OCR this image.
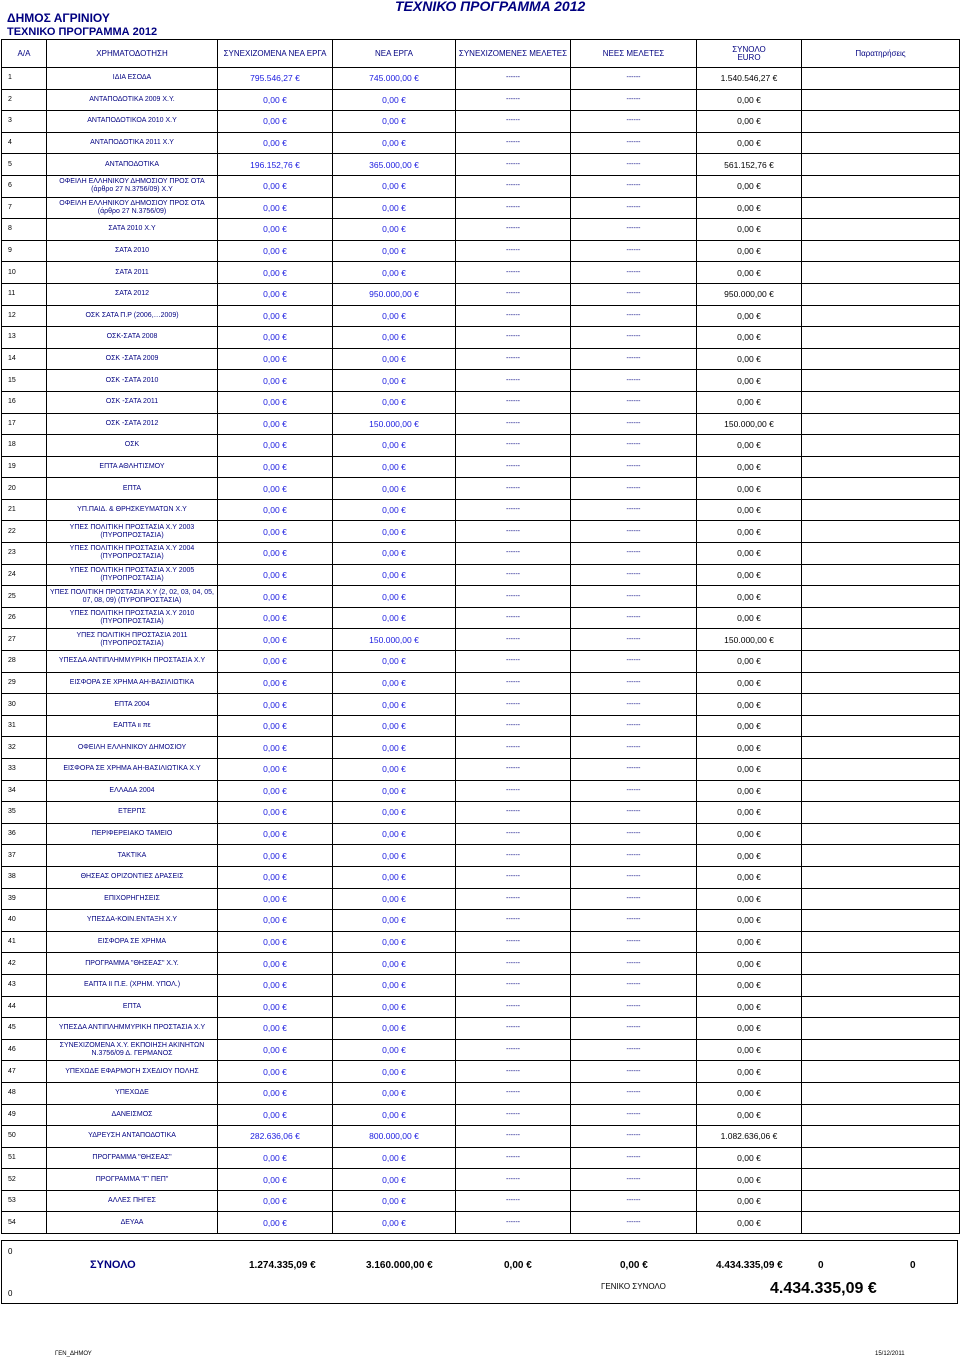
ΔΗΜΟΣ ΑΓΡΙΝΙΟΥ
ΤΕΧΝΙΚΟ ΠΡΟΓΡΑΜΜΑ 2012
ΤΕΧΝΙΚΟ ΠΡΟΓΡΑΜΜΑ 2012
Α/Α	ΧΡΗΜΑΤΟΔΟΤΗΣΗ	ΣΥΝΕΧΙΖΟΜΕΝΑ ΝΕΑ ΕΡΓΑ	ΝΕΑ ΕΡΓΑ	ΣΥΝΕΧΙΖΟΜΕΝΕΣ ΜΕΛΕΤΕΣ	ΝΕΕΣ ΜΕΛΕΤΕΣ	ΣΥΝΟΛΟ
EURO	Παρατηρήσεις
1	ΙΔΙΑ ΕΣΟΔΑ	795.546,27 €	745.000,00 €	------	------	1.540.546,27 €	
2	ΑΝΤΑΠΟΔΟΤΙΚΑ 2009 Χ.Υ.	0,00 €	0,00 €	------	------	0,00 €	
3	ΑΝΤΑΠΟΔΟΤΙΚΟΑ 2010 Χ.Υ	0,00 €	0,00 €	------	------	0,00 €	
4	ΑΝΤΑΠΟΔΟΤΙΚΑ 2011 Χ.Υ	0,00 €	0,00 €	------	------	0,00 €	
5	ΑΝΤΑΠΟΔΟΤΙΚΑ	196.152,76 €	365.000,00 €	------	------	561.152,76 €	
6	ΟΦΕΙΛΗ ΕΛΛΗΝΙΚΟΥ ΔΗΜΟΣΙΟΥ ΠΡΟΣ ΟΤΑ (άρθρο 27 Ν.3756/09) Χ.Υ	0,00 €	0,00 €	------	------	0,00 €	
7	ΟΦΕΙΛΗ ΕΛΛΗΝΙΚΟΥ ΔΗΜΟΣΙΟΥ ΠΡΟΣ ΟΤΑ (άρθρο 27 Ν.3756/09)	0,00 €	0,00 €	------	------	0,00 €	
8	ΣΑΤΑ 2010 Χ.Υ	0,00 €	0,00 €	------	------	0,00 €	
9	ΣΑΤΑ 2010	0,00 €	0,00 €	------	------	0,00 €	
10	ΣΑΤΑ 2011	0,00 €	0,00 €	------	------	0,00 €	
11	ΣΑΤΑ 2012	0,00 €	950.000,00 €	------	------	950.000,00 €	
12	ΟΣΚ ΣΑΤΑ Π.Ρ (2006,…2009)	0,00 €	0,00 €	------	------	0,00 €	
13	ΟΣΚ-ΣΑΤΑ 2008	0,00 €	0,00 €	------	------	0,00 €	
14	ΟΣΚ -ΣΑΤΑ 2009	0,00 €	0,00 €	------	------	0,00 €	
15	ΟΣΚ -ΣΑΤΑ 2010	0,00 €	0,00 €	------	------	0,00 €	
16	ΟΣΚ -ΣΑΤΑ 2011	0,00 €	0,00 €	------	------	0,00 €	
17	ΟΣΚ -ΣΑΤΑ 2012	0,00 €	150.000,00 €	------	------	150.000,00 €	
18	ΟΣΚ	0,00 €	0,00 €	------	------	0,00 €	
19	ΕΠΤΑ ΑΘΛΗΤΙΣΜΟΥ	0,00 €	0,00 €	------	------	0,00 €	
20	ΕΠΤΑ	0,00 €	0,00 €	------	------	0,00 €	
21	ΥΠ.ΠΑΙΔ. & ΘΡΗΣΚΕΥΜΑΤΩΝ Χ.Υ	0,00 €	0,00 €	------	------	0,00 €	
22	ΥΠΕΣ ΠΟΛΙΤΙΚΗ ΠΡΟΣΤΑΣΙΑ Χ.Υ 2003 (ΠΥΡΟΠΡΟΣΤΑΣΙΑ)	0,00 €	0,00 €	------	------	0,00 €	
23	ΥΠΕΣ ΠΟΛΙΤΙΚΗ ΠΡΟΣΤΑΣΙΑ Χ.Υ 2004 (ΠΥΡΟΠΡΟΣΤΑΣΙΑ)	0,00 €	0,00 €	------	------	0,00 €	
24	ΥΠΕΣ ΠΟΛΙΤΙΚΗ ΠΡΟΣΤΑΣΙΑ Χ.Υ 2005 (ΠΥΡΟΠΡΟΣΤΑΣΙΑ)	0,00 €	0,00 €	------	------	0,00 €	
25	ΥΠΕΣ ΠΟΛΙΤΙΚΗ ΠΡΟΣΤΑΣΙΑ Χ.Υ (2, 02, 03, 04, 05, 07, 08, 09) (ΠΥΡΟΠΡΟΣΤΑΣΙΑ)	0,00 €	0,00 €	------	------	0,00 €	
26	ΥΠΕΣ ΠΟΛΙΤΙΚΗ ΠΡΟΣΤΑΣΙΑ Χ.Υ 2010 (ΠΥΡΟΠΡΟΣΤΑΣΙΑ)	0,00 €	0,00 €	------	------	0,00 €	
27	ΥΠΕΣ ΠΟΛΙΤΙΚΗ ΠΡΟΣΤΑΣΙΑ 2011 (ΠΥΡΟΠΡΟΣΤΑΣΙΑ)	0,00 €	150.000,00 €	------	------	150.000,00 €	
28	ΥΠΕΣΔΑ ΑΝΤΙΠΛΗΜΜΥΡΙΚΗ ΠΡΟΣΤΑΣΙΑ Χ.Υ	0,00 €	0,00 €	------	------	0,00 €	
29	ΕΙΣΦΟΡΑ ΣΕ ΧΡΗΜΑ ΑΗ-ΒΑΣΙΛΙΩΤΙΚΑ	0,00 €	0,00 €	------	------	0,00 €	
30	ΕΠΤΑ 2004	0,00 €	0,00 €	------	------	0,00 €	
31	ΕΑΠΤΑ ιι πε	0,00 €	0,00 €	------	------	0,00 €	
32	ΟΦΕΙΛΗ ΕΛΛΗΝΙΚΟΥ ΔΗΜΟΣΙΟΥ	0,00 €	0,00 €	------	------	0,00 €	
33	ΕΙΣΦΟΡΑ ΣΕ ΧΡΗΜΑ ΑΗ-ΒΑΣΙΛΙΩΤΙΚΑ Χ.Υ	0,00 €	0,00 €	------	------	0,00 €	
34	ΕΛΛΑΔΑ 2004	0,00 €	0,00 €	------	------	0,00 €	
35	ΕΤΕΡΠΣ	0,00 €	0,00 €	------	------	0,00 €	
36	ΠΕΡΙΦΕΡΕΙΑΚΟ ΤΑΜΕΙΟ	0,00 €	0,00 €	------	------	0,00 €	
37	ΤΑΚΤΙΚΑ	0,00 €	0,00 €	------	------	0,00 €	
38	ΘΗΣΕΑΣ ΟΡΙΖΟΝΤΙΕΣ ΔΡΑΣΕΙΣ	0,00 €	0,00 €	------	------	0,00 €	
39	ΕΠΙΧΟΡΗΓΗΣΕΙΣ	0,00 €	0,00 €	------	------	0,00 €	
40	ΥΠΕΣΔΑ-ΚΟΙΝ.ΕΝΤΑΞΗ Χ.Υ	0,00 €	0,00 €	------	------	0,00 €	
41	ΕΙΣΦΟΡΑ ΣΕ ΧΡΗΜΑ	0,00 €	0,00 €	------	------	0,00 €	
42	ΠΡΟΓΡΑΜΜΑ "ΘΗΣΕΑΣ" Χ.Υ.	0,00 €	0,00 €	------	------	0,00 €	
43	ΕΑΠΤΑ ΙΙ Π.Ε. (ΧΡΗΜ. ΥΠΟΛ.)	0,00 €	0,00 €	------	------	0,00 €	
44	ΕΠΤΑ	0,00 €	0,00 €	------	------	0,00 €	
45	ΥΠΕΣΔΑ ΑΝΤΙΠΛΗΜΜΥΡΙΚΗ ΠΡΟΣΤΑΣΙΑ Χ.Υ	0,00 €	0,00 €	------	------	0,00 €	
46	ΣΥΝΕΧΙΖΟΜΕΝΑ Χ.Υ. ΕΚΠΟΙΗΣΗ ΑΚΙΝΗΤΩΝ Ν.3756/09 Δ. ΓΕΡΜΑΝΟΣ	0,00 €	0,00 €	------	------	0,00 €	
47	ΥΠΕΧΩΔΕ ΕΦΑΡΜΟΓΗ ΣΧΕΔΙΟΥ ΠΟΛΗΣ	0,00 €	0,00 €	------	------	0,00 €	
48	ΥΠΕΧΩΔΕ	0,00 €	0,00 €	------	------	0,00 €	
49	ΔΑΝΕΙΣΜΟΣ	0,00 €	0,00 €	------	------	0,00 €	
50	ΥΔΡΕΥΣΗ ΑΝΤΑΠΟΔΟΤΙΚΑ	282.636,06 €	800.000,00 €	------	------	1.082.636,06 €	
51	ΠΡΟΓΡΑΜΜΑ "ΘΗΣΕΑΣ"	0,00 €	0,00 €	------	------	0,00 €	
52	ΠΡΟΓΡΑΜΜΑ "Γ' ΠΕΠ"	0,00 €	0,00 €	------	------	0,00 €	
53	ΑΛΛΕΣ ΠΗΓΕΣ	0,00 €	0,00 €	------	------	0,00 €	
54	ΔΕΥΑΑ	0,00 €	0,00 €	------	------	0,00 €	
0
0
ΣΥΝΟΛΟ	1.274.335,09 €	3.160.000,00 €	0,00 €	0,00 €	4.434.335,09 €	0	0
ΓΕΝΙΚΟ ΣΥΝΟΛΟ	4.434.335,09 €
ΓΕΝ_ΔΗΜΟΥ	15/12/2011
